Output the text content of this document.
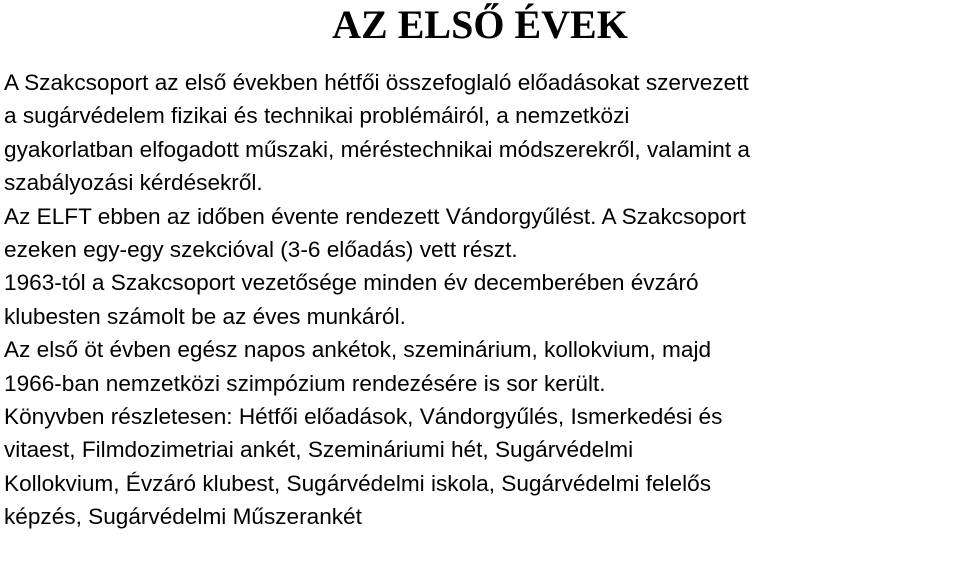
AZ ELSŐ ÉVEK

A Szakcsoport az első években hétfői összefoglaló előadásokat szervezett
a sugárvédelem fizikai és technikai problémáiról, a nemzetközi
gyakorlatban elfogadott műszaki, méréstechnikai módszerekről, valamint a
szabályozási kérdésekről.

Az ELFT ebben az időben évente rendezett Vándorgyűlést. A Szakcsoport
ezeken egy-egy szekcióval (3-6 előadás) vett részt.

1963-tól a Szakcsoport vezetősége minden év decemberében évzáró
klubesten számolt be az éves munkáról.

Az első öt évben egész napos ankétok, szeminárium, kollokvium, majd
1966-ban nemzetközi szimpózium rendezésére is sor került.

Könyvben részletesen: Hétfői előadások, Vándorgyűlés, Ismerkedési és
vitaest, Filmdozimetriai ankét, Szemináriumi hét, Sugárvédelmi
Kollokvium, Évzáró klubest, Sugárvédelmi iskola, Sugárvédelmi felelős
képzés, Sugárvédelmi Műszerankét
